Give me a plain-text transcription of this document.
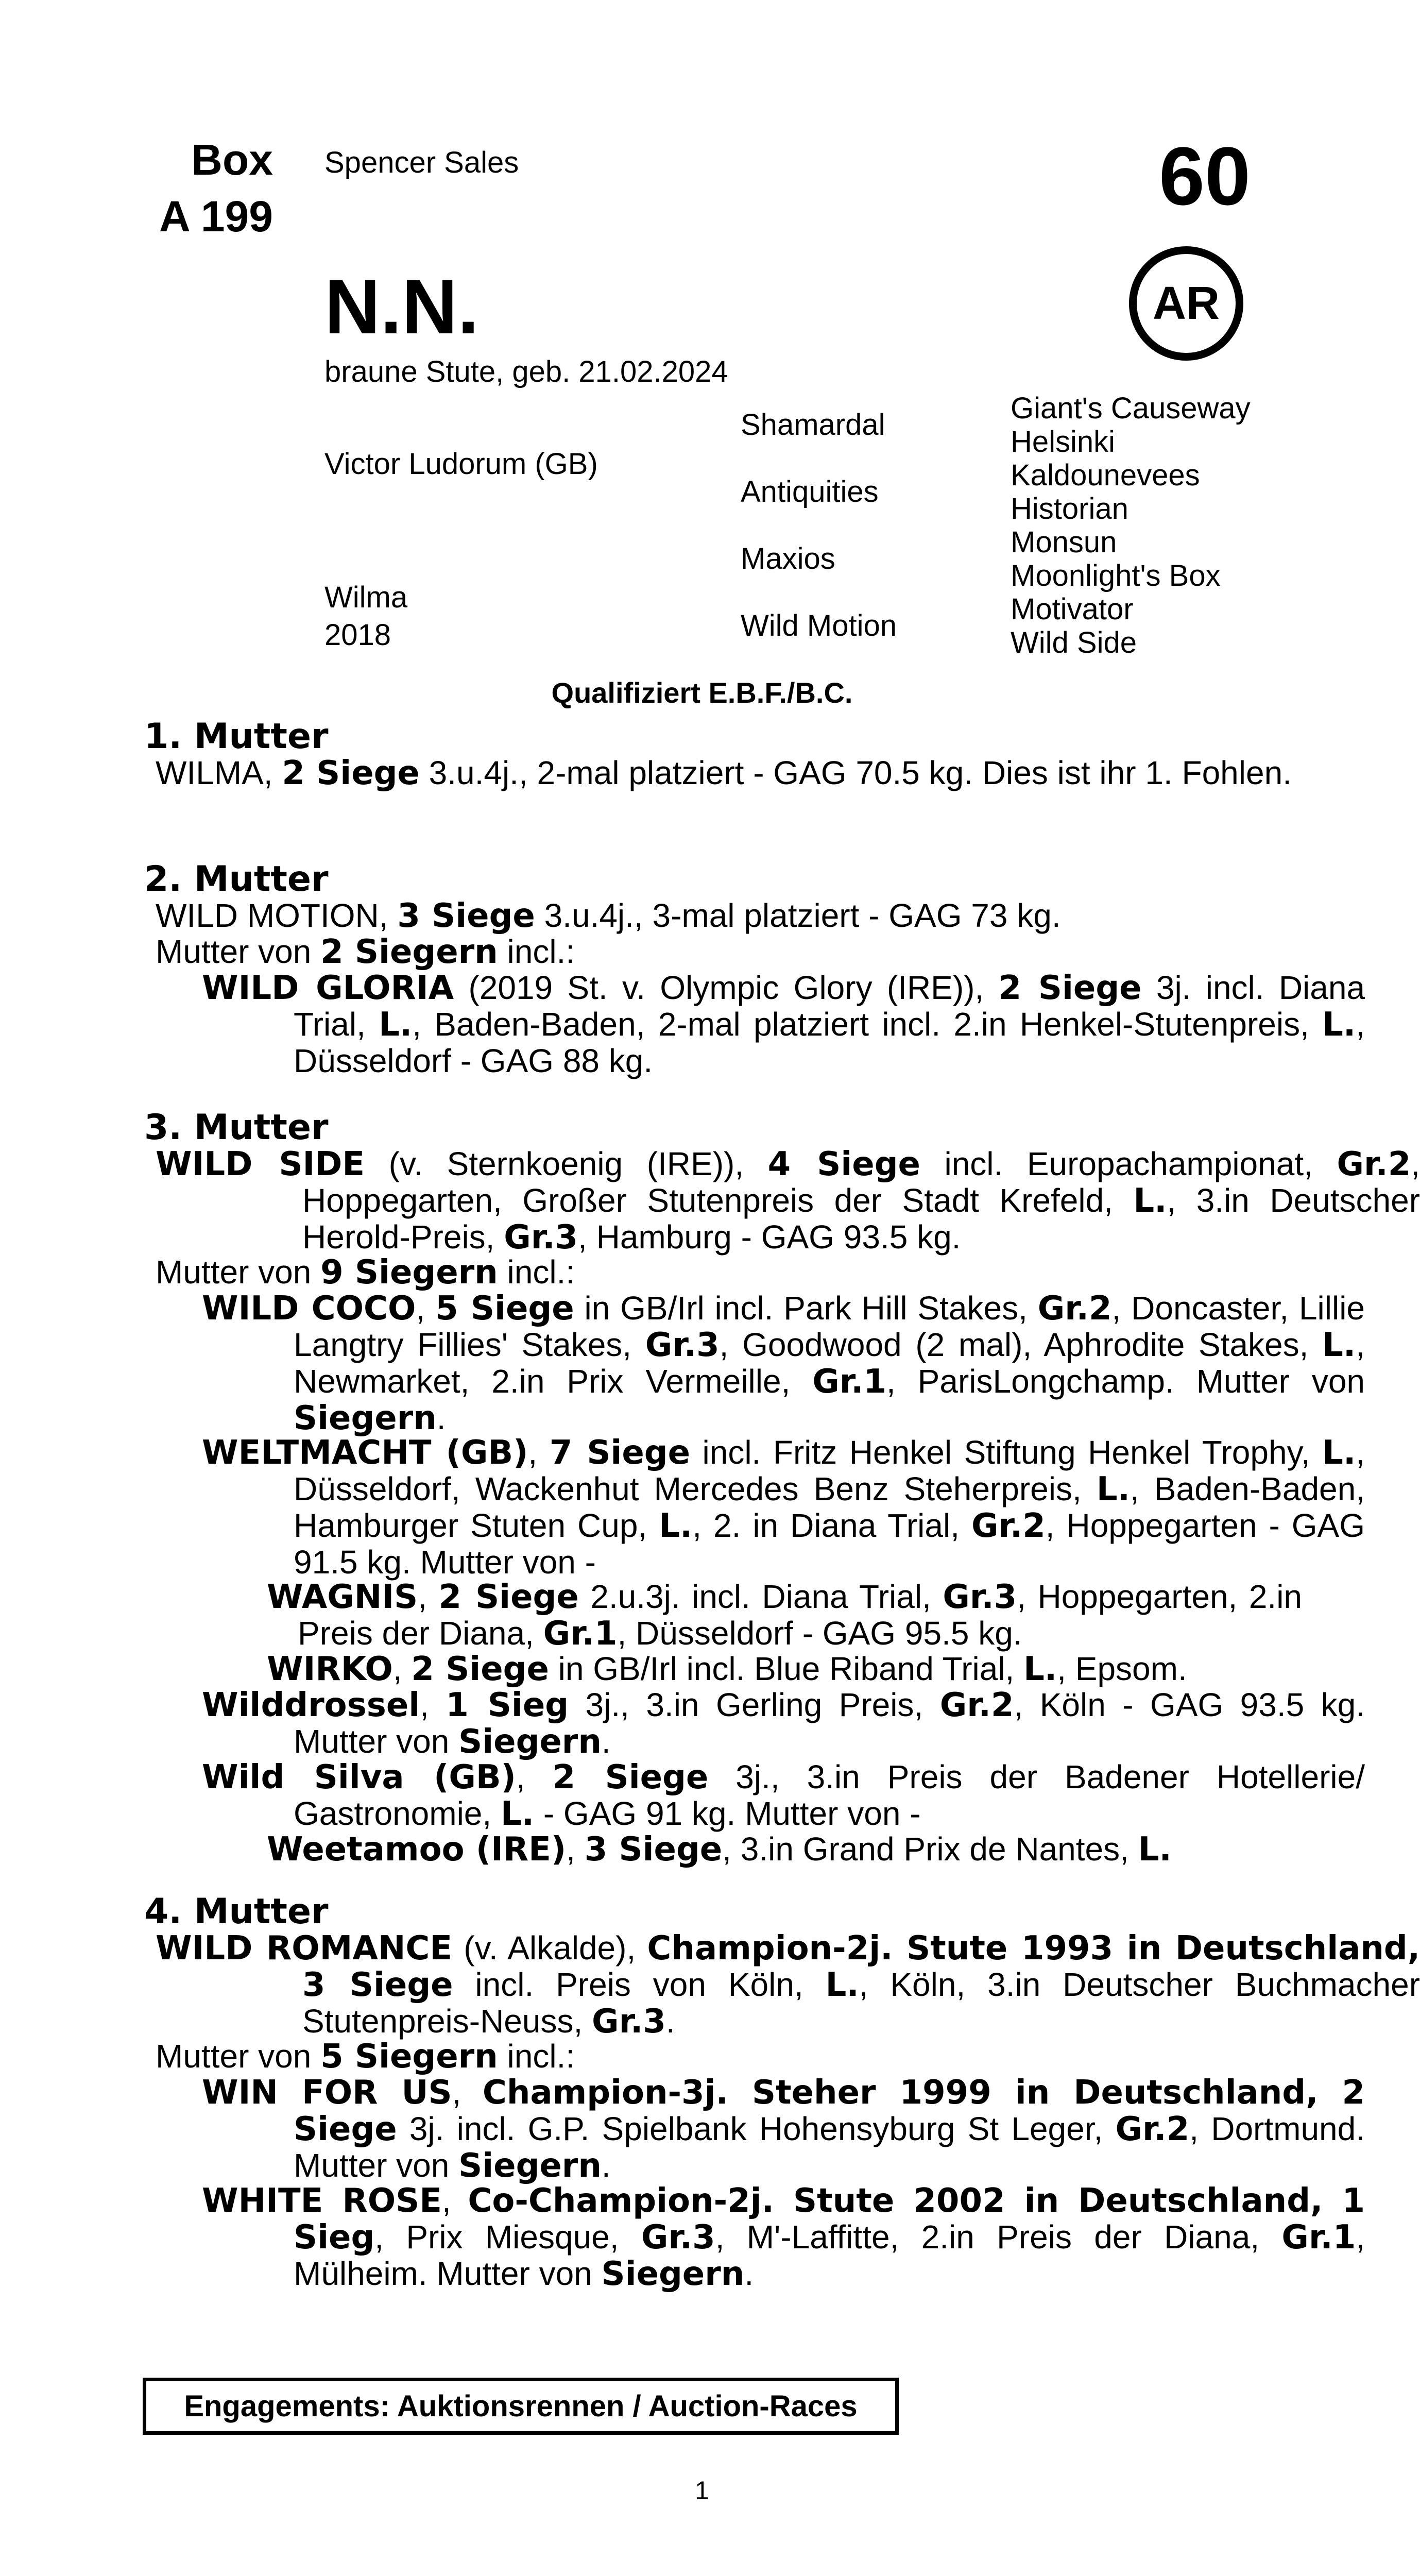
Box
A 199
Spencer Sales	60
AR
N.N.
braune Stute, geb. 21.02.2024
Victor Ludorum (GB)
Wilma
2018
Shamardal
Antiquities
Maxios
Wild Motion
Giant's Causeway
Helsinki
Kaldounevees
Historian
Monsun
Moonlight's Box
Motivator
Wild Side
Qualifiziert E.B.F./B.C.
1. Mutter

WILMA, 2 Siege 3.u.4j., 2-mal platziert - GAG 70.5 kg. Dies ist ihr 1. Fohlen.

2. Mutter

WILD MOTION, 3 Siege 3.u.4j., 3-mal platziert - GAG 73 kg.

Mutter von 2 Siegern incl.:

WILD GLORIA (2019 St. v. Olympic Glory (IRE)), 2 Siege 3j. incl. Diana Trial, L., Baden-Baden, 2-mal platziert incl. 2.in Henkel-Stutenpreis, L., Düsseldorf - GAG 88 kg.

3. Mutter

WILD SIDE (v. Sternkoenig (IRE)), 4 Siege incl. Europachampionat, Gr.2, Hoppegarten, Großer Stutenpreis der Stadt Krefeld, L., 3.in Deutscher Herold-Preis, Gr.3, Hamburg - GAG 93.5 kg.

Mutter von 9 Siegern incl.:

WILD COCO, 5 Siege in GB/Irl incl. Park Hill Stakes, Gr.2, Doncaster, Lillie Langtry Fillies' Stakes, Gr.3, Goodwood (2 mal), Aphrodite Stakes, L., Newmarket, 2.in Prix Vermeille, Gr.1, ParisLongchamp. Mutter von Siegern.

WELTMACHT (GB), 7 Siege incl. Fritz Henkel Stiftung Henkel Trophy, L., Düsseldorf, Wackenhut Mercedes Benz Steherpreis, L., Baden-Baden, Hamburger Stuten Cup, L., 2. in Diana Trial, Gr.2, Hoppegarten - GAG 91.5 kg. Mutter von -

WAGNIS, 2 Siege 2.u.3j. incl. Diana Trial, Gr.3, Hoppegarten, 2.in Preis der Diana, Gr.1, Düsseldorf - GAG 95.5 kg.

WIRKO, 2 Siege in GB/Irl incl. Blue Riband Trial, L., Epsom.

Wilddrossel, 1 Sieg 3j., 3.in Gerling Preis, Gr.2, Köln - GAG 93.5 kg. Mutter von Siegern.

Wild Silva (GB), 2 Siege 3j., 3.in Preis der Badener Hotellerie/ Gastronomie, L. - GAG 91 kg. Mutter von -

Weetamoo (IRE), 3 Siege, 3.in Grand Prix de Nantes, L.

4. Mutter

WILD ROMANCE (v. Alkalde), Champion-2j. Stute 1993 in Deutschland, 3 Siege incl. Preis von Köln, L., Köln, 3.in Deutscher Buchmacher Stutenpreis-Neuss, Gr.3.

Mutter von 5 Siegern incl.:

WIN FOR US, Champion-3j. Steher 1999 in Deutschland, 2 Siege 3j. incl. G.P. Spielbank Hohensyburg St Leger, Gr.2, Dortmund. Mutter von Siegern.

WHITE ROSE, Co-Champion-2j. Stute 2002 in Deutschland, 1 Sieg, Prix Miesque, Gr.3, M'-Laffitte, 2.in Preis der Diana, Gr.1, Mülheim. Mutter von Siegern.

Engagements: Auktionsrennen / Auction-Races
1
